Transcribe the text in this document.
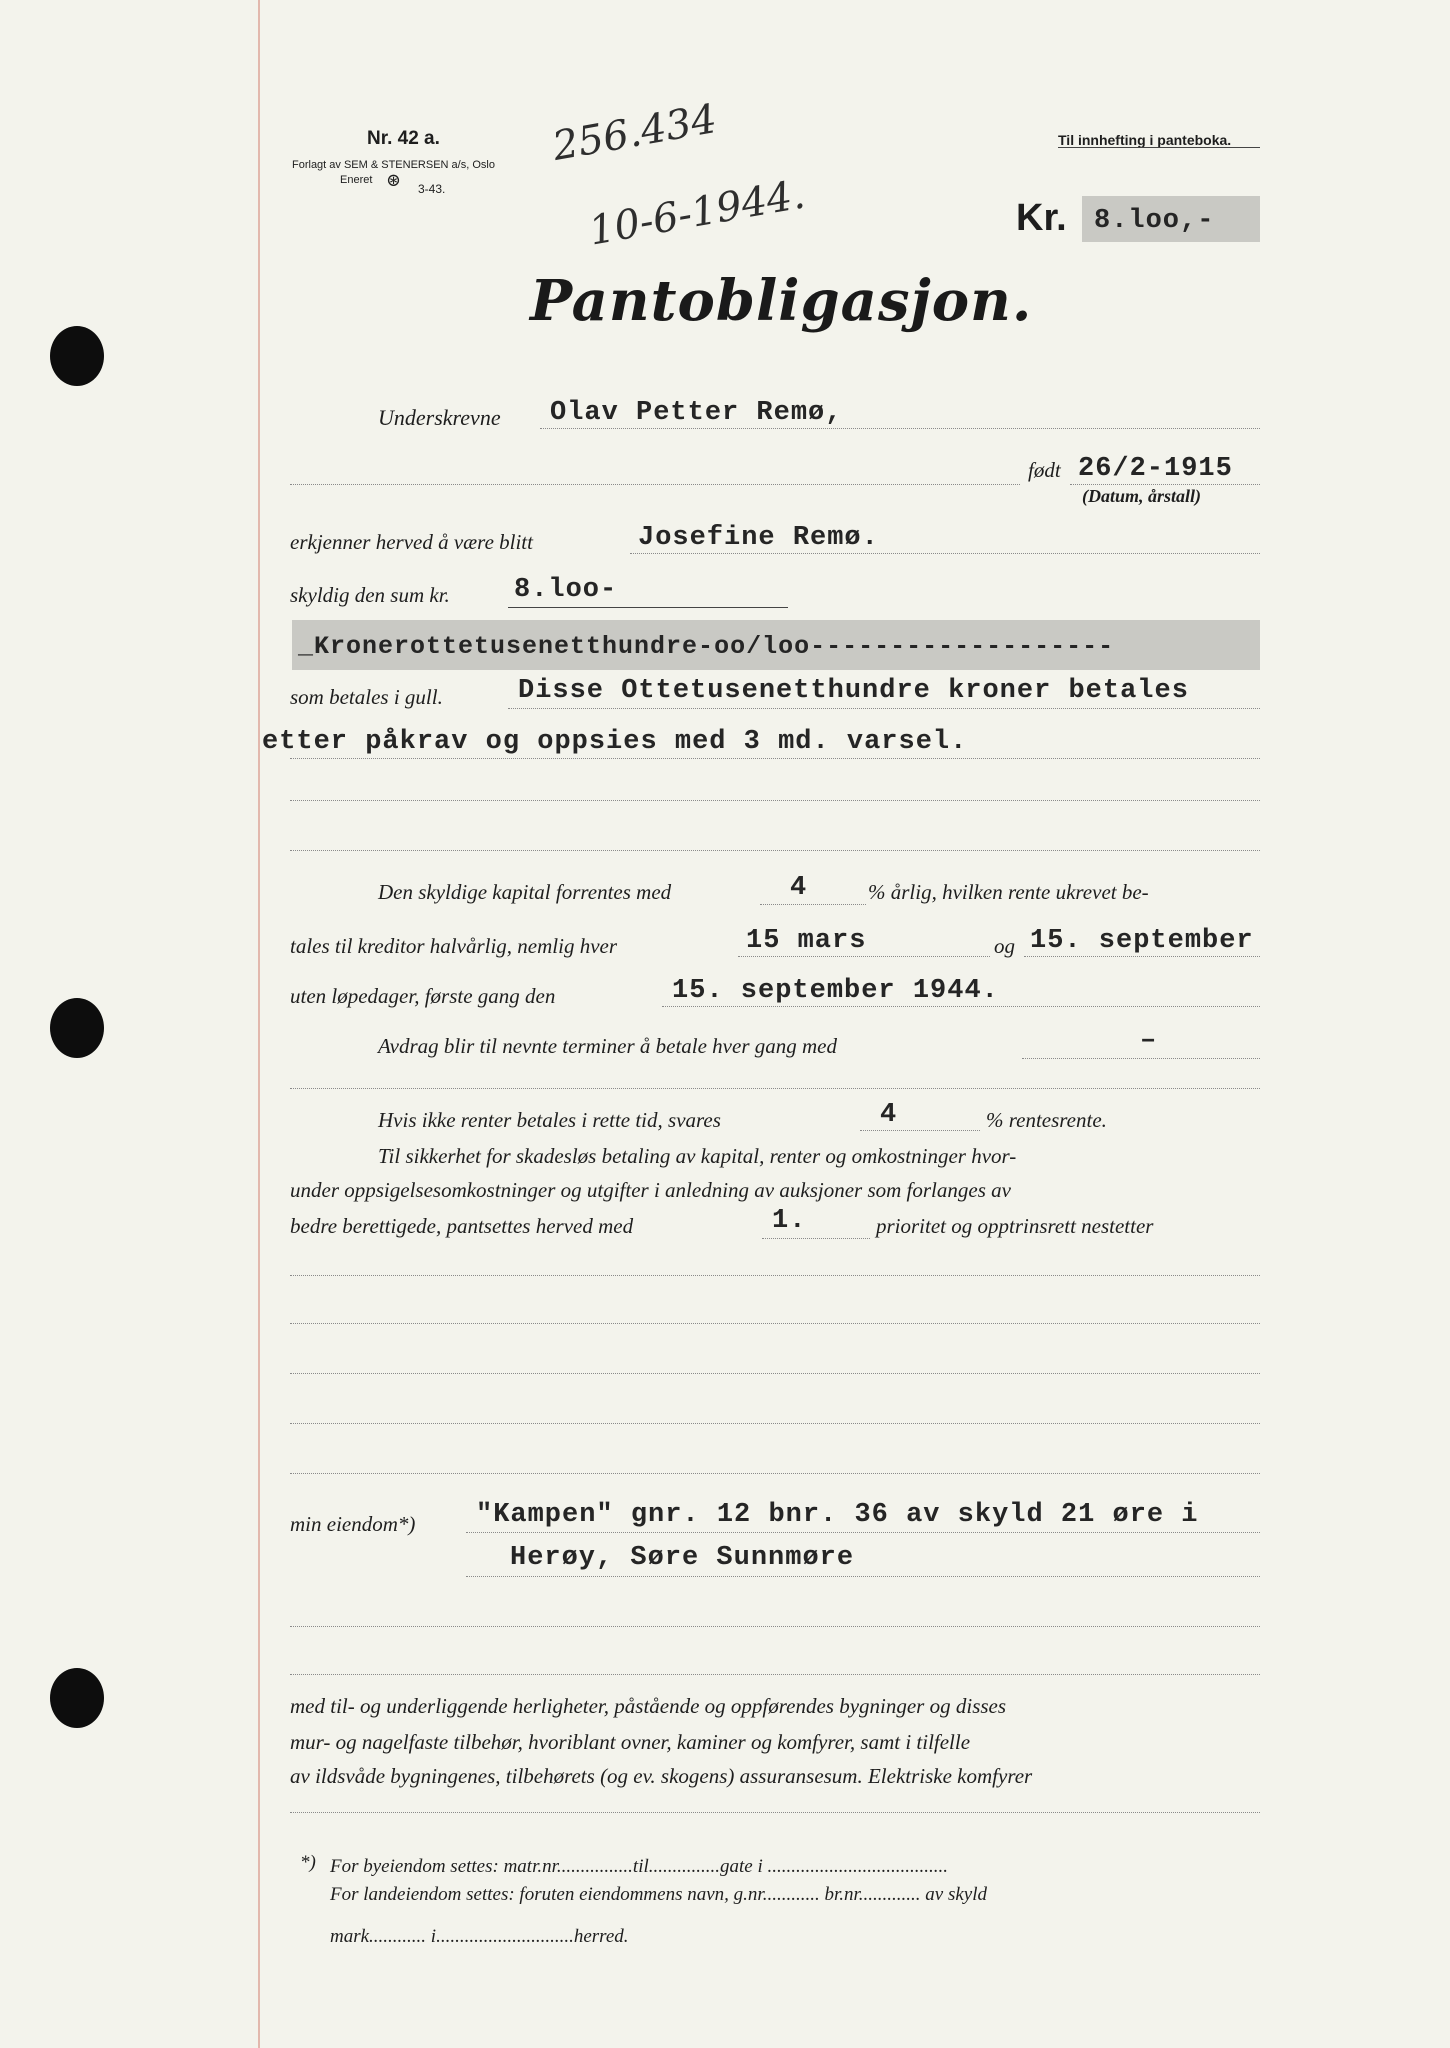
Nr. 42 a.
Forlagt av SEM & STENERSEN a/s, Oslo
Eneret ⊛ 3-43.
256.434
10-6-1944.
Til innhefting i panteboka.
Kr. 8.loo,-
Pantobligasjon.
Underskrevne Olav Petter Remø,
født 26/2-1915
(Datum, årstall)
erkjenner herved å være blitt	Josefine Remø.
skyldig den sum kr. 8.loo-
_Kronerottetusenetthundre-oo/loo-------------------
som betales i gull.	Disse Ottetusenetthundre kroner betales
etter påkrav og oppsies med 3 md. varsel.
Den skyldige kapital forrentes med	4	% årlig, hvilken rente ukrevet be-
tales til kreditor halvårlig, nemlig hver	15 mars	og 15. september
uten løpedager, første gang den	15. september 1944.
Avdrag blir til nevnte terminer å betale hver gang med	–
Hvis ikke renter betales i rette tid, svares	4	% rentesrente.
Til sikkerhet for skadesløs betaling av kapital, renter og omkostninger hvor-
under oppsigelsesomkostninger og utgifter i anledning av auksjoner som forlanges av
bedre berettigede, pantsettes herved med	1.	prioritet og opptrinsrett nestetter
min eiendom*) "Kampen" gnr. 12 bnr. 36 av skyld 21 øre i
Herøy, Søre Sunnmøre
med til- og underliggende herligheter, påstående og oppførendes bygninger og disses
mur- og nagelfaste tilbehør, hvoriblant ovner, kaminer og komfyrer, samt i tilfelle
av ildsvåde bygningenes, tilbehørets (og ev. skogens) assuransesum. Elektriske komfyrer
*) For byeiendom settes: matr.nr................til...............gate i ......................................
For landeiendom settes: foruten eiendommens navn, g.nr............ br.nr............. av skyld
mark............ i.............................herred.
